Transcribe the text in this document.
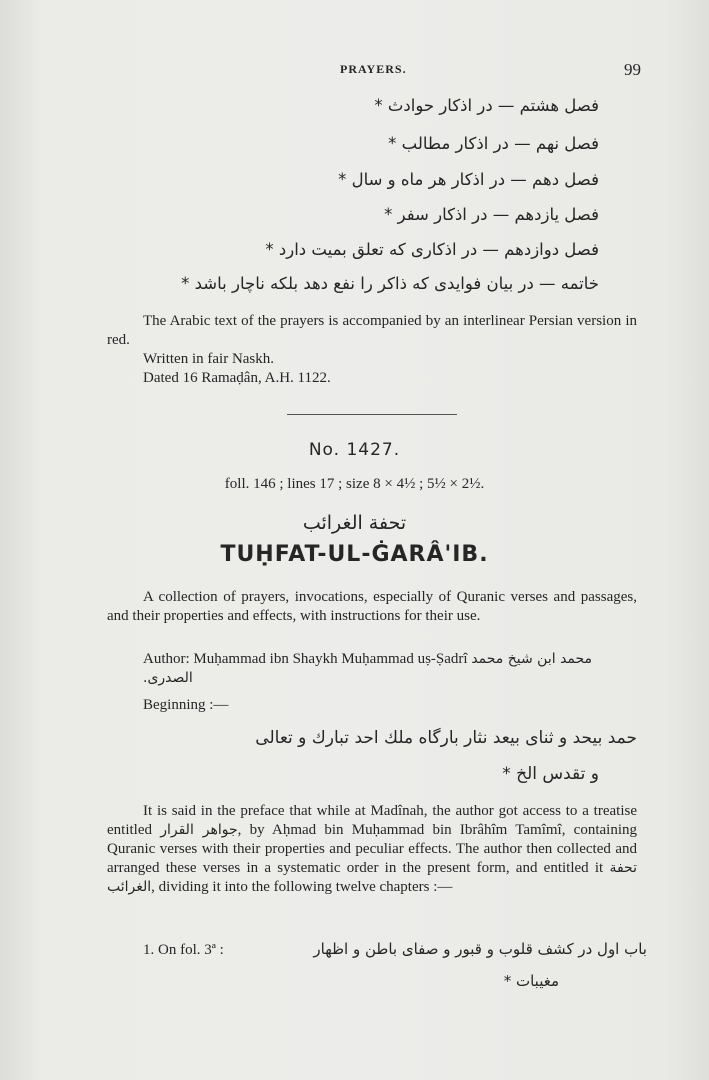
PRAYERS.	99
فصل هشتم — در اذکار حوادث *
فصل نهم — در اذکار مطالب *
فصل دهم — در اذکار هر ماه و سال *
فصل یازدهم — در اذکار سفر *
فصل دوازدهم — در اذکاری که تعلق بمیت دارد *
خاتمه — در بیان فوایدی که ذاکر را نفع دهد بلکه ناچار باشد *

The Arabic text of the prayers is accompanied by an interlinear Persian version in red.

Written in fair Naskh.

Dated 16 Ramaḍân, A.H. 1122.

No. 1427.
foll. 146 ; lines 17 ; size 8 × 4½ ; 5½ × 2½.
تحفة الغرائب
TUḤFAT-UL-ĠARÂ'IB.

A collection of prayers, invocations, especially of Quranic verses and passages, and their properties and effects, with instructions for their use.

Author: Muḥammad ibn Shaykh Muḥammad uṣ-Ṣadrî محمد ابن شیخ محمد الصدری.

Beginning :—

حمد بیحد و ثنای بیعد نثار بارگاه ملك احد تبارك و تعالی
و تقدس الخ *

It is said in the preface that while at Madînah, the author got access to a treatise entitled جواهر القرار, by Aḥmad bin Muḥammad bin Ibrâhîm Tamîmî, containing Quranic verses with their properties and peculiar effects. The author then collected and arranged these verses in a systematic order in the present form, and entitled it تحفة الغرائب, dividing it into the following twelve chapters :—

1. On fol. 3ª :	باب اول در کشف قلوب و قبور و صفای باطن و اظهار

مغیبات *
